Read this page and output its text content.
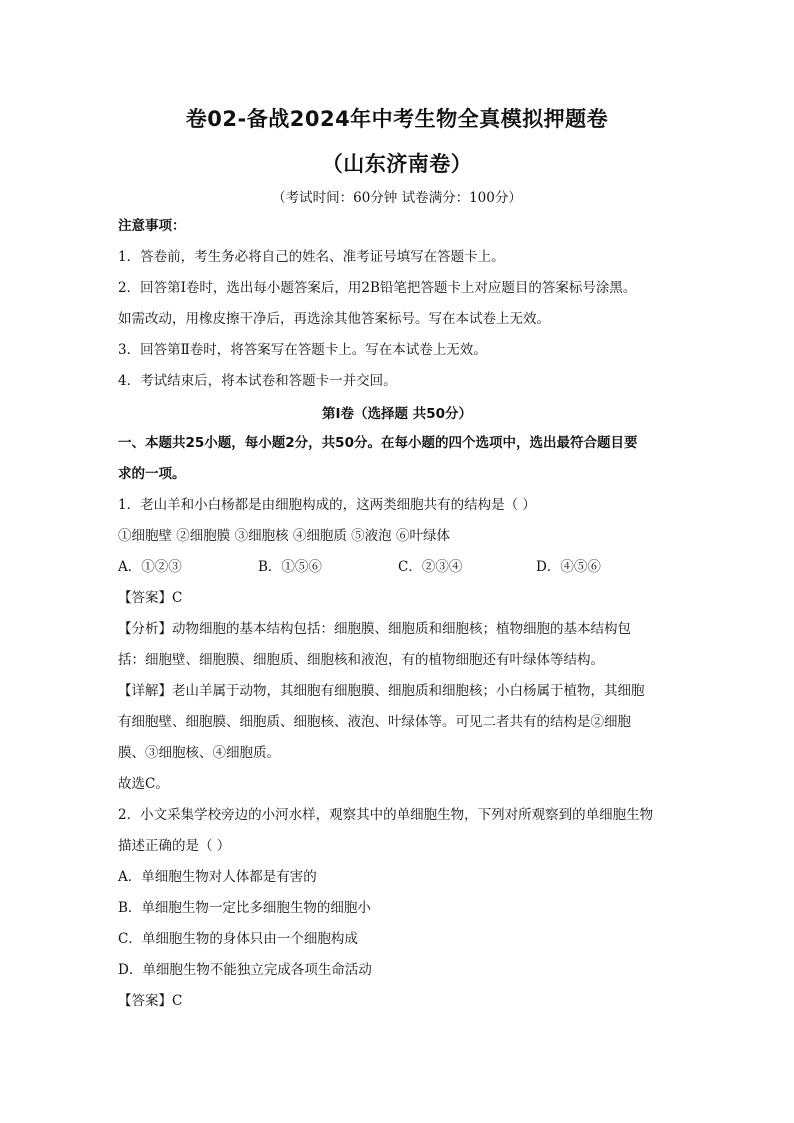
卷02-备战2024年中考生物全真模拟押题卷
（山东济南卷）
（考试时间：60分钟 试卷满分：100分）
注意事项：
1．答卷前，考生务必将自己的姓名、准考证号填写在答题卡上。
2．回答第Ⅰ卷时，选出每小题答案后，用2B铅笔把答题卡上对应题目的答案标号涂黑。
如需改动，用橡皮擦干净后，再选涂其他答案标号。写在本试卷上无效。
3．回答第Ⅱ卷时，将答案写在答题卡上。写在本试卷上无效。
4．考试结束后，将本试卷和答题卡一并交回。
第Ⅰ卷（选择题 共50分）
一、本题共25小题，每小题2分，共50分。在每小题的四个选项中，选出最符合题目要
求的一项。
1．老山羊和小白杨都是由细胞构成的，这两类细胞共有的结构是（ ）
①细胞壁 ②细胞膜 ③细胞核 ④细胞质 ⑤液泡 ⑥叶绿体
A．①②③	B．①⑤⑥	C．②③④	D．④⑤⑥
【答案】C
【分析】动物细胞的基本结构包括：细胞膜、细胞质和细胞核；植物细胞的基本结构包
括：细胞壁、细胞膜、细胞质、细胞核和液泡，有的植物细胞还有叶绿体等结构。
【详解】老山羊属于动物，其细胞有细胞膜、细胞质和细胞核；小白杨属于植物，其细胞
有细胞壁、细胞膜、细胞质、细胞核、液泡、叶绿体等。可见二者共有的结构是②细胞
膜、③细胞核、④细胞质。
故选C。
2．小文采集学校旁边的小河水样，观察其中的单细胞生物，下列对所观察到的单细胞生物
描述正确的是（ ）
A．单细胞生物对人体都是有害的
B．单细胞生物一定比多细胞生物的细胞小
C．单细胞生物的身体只由一个细胞构成
D．单细胞生物不能独立完成各项生命活动
【答案】C
